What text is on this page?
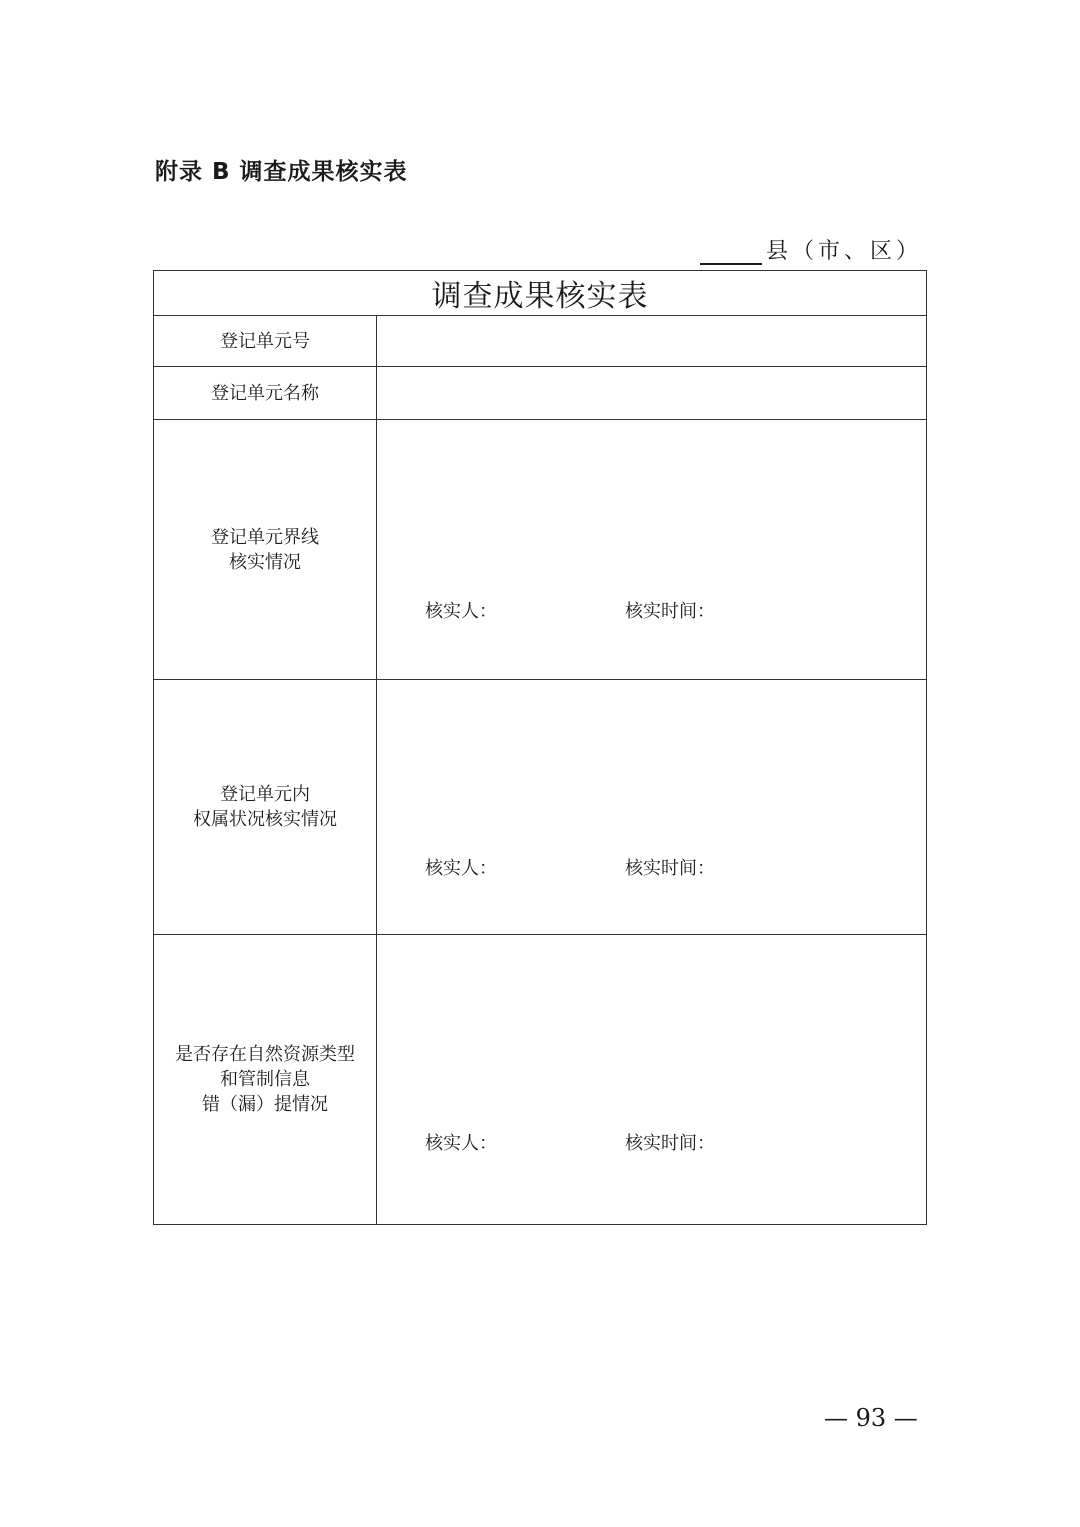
附录 B 调查成果核实表
县（市、区）
调查成果核实表	

登记单元号	

登记单元名称	

登记单元界线
核实情况	核实人： 核实时间：

登记单元内
权属状况核实情况	核实人： 核实时间：

是否存在自然资源类型
和管制信息
错（漏）提情况	核实人： 核实时间：
— 93 —
